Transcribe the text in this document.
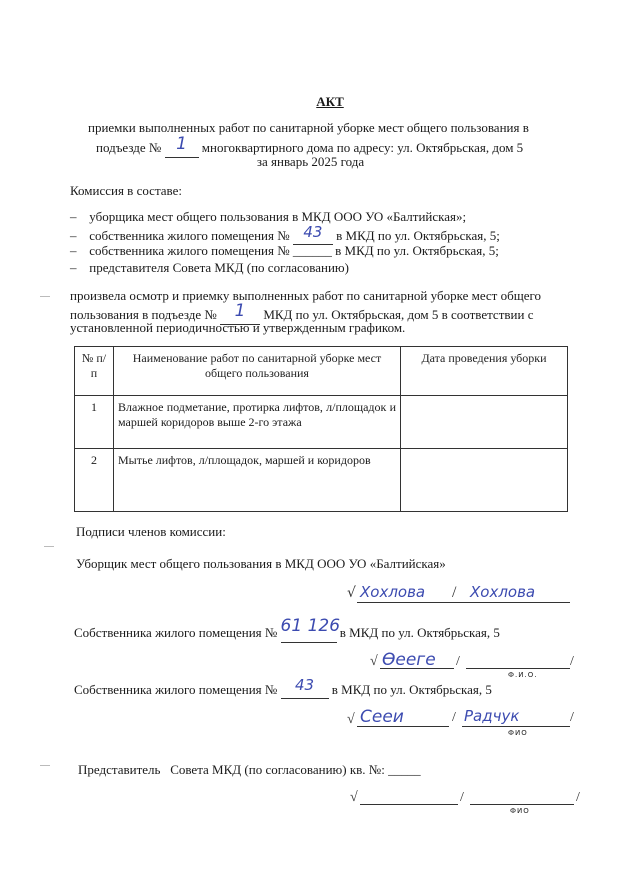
АКТ
приемки выполненных работ по санитарной уборке мест общего пользования в
подъезде № 1 многоквартирного дома по адресу: ул. Октябрьская, дом 5
за январь 2025 года
Комиссия в составе:
– уборщика мест общего пользования в МКД ООО УО «Балтийская»;
– собственника жилого помещения № 43 в МКД по ул. Октябрьская, 5;
– собственника жилого помещения № ______ в МКД по ул. Октябрьская, 5;
– представителя Совета МКД (по согласованию)
произвела осмотр и приемку выполненных работ по санитарной уборке мест общего
пользования в подъезде № 1 МКД по ул. Октябрьская, дом 5 в соответствии с
установленной периодичностью и утвержденным графиком.
№ п/п	Наименование работ по санитарной уборке мест общего пользования	Дата проведения уборки
1	Влажное подметание, протирка лифтов, л/площадок и маршей коридоров выше 2-го этажа	
2	Мытье лифтов, л/площадок, маршей и коридоров	
Подписи членов комиссии:
Уборщик мест общего пользования в МКД ООО УО «Балтийская»
√ Хохлова / Хохлова
Собственника жилого помещения № 61 126 в МКД по ул. Октябрьская, 5
√ Ѳееге /	/
Ф.И.О.
Собственника жилого помещения № 43 в МКД по ул. Октябрьская, 5
√ Сееи	/ Радчук	/
ФИО
Представитель   Совета МКД (по согласованию) кв. №: _____
√	/	/
ФИО
